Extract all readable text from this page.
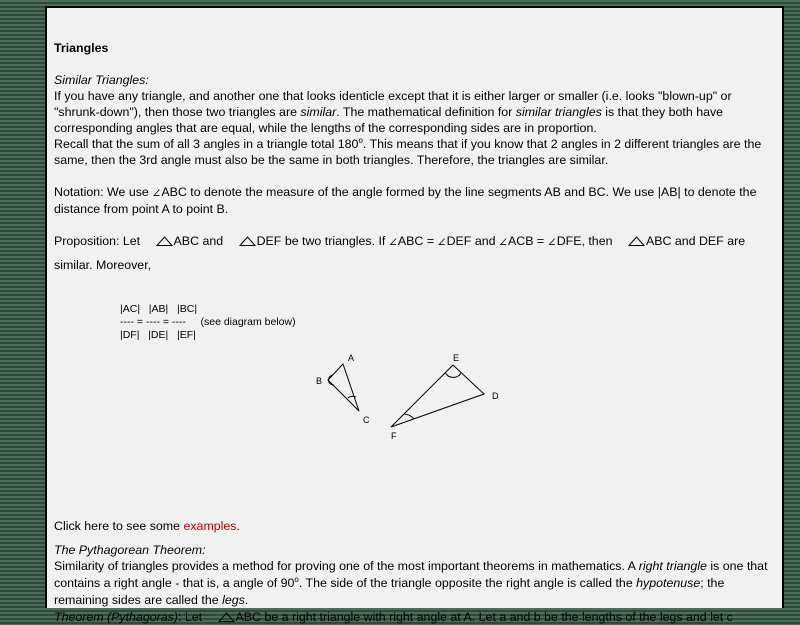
Triangles

Similar Triangles:

If you have any triangle, and another one that looks identicle except that it is either larger or smaller (i.e. looks "blown-up" or "shrunk-down"), then those two triangles are similar. The mathematical definition for similar triangles is that they both have corresponding angles that are equal, while the lengths of the corresponding sides are in proportion.

Recall that the sum of all 3 angles in a triangle total 180$^o$. This means that if you know that 2 angles in 2 different triangles are the same, then the 3rd angle must also be the same in both triangles. Therefore, the triangles are similar.

Notation: We use ∠ABC to denote the measure of the angle formed by the line segments AB and BC. We use |AB| to denote the distance from point A to point B.

Proposition: Let ABC and DEF be two triangles. If ∠ABC = ∠DEF and ∠ACB = ∠DFE, then ABC and DEF are similar. Moreover,

|AC|   |AB|   |BC|
---- = ---- = ----     (see diagram below)
|DF|   |DE|   |EF|
A
B
C
D
E
F

Click here to see some examples.

The Pythagorean Theorem:

Similarity of triangles provides a method for proving one of the most important theorems in mathematics. A right triangle is one that contains a right angle - that is, a angle of 90$^o$. The side of the triangle opposite the right angle is called the hypotenuse; the remaining sides are called the legs.

Theorem (Pythagoras): Let ABC be a right triangle with right angle at A. Let a and b be the lengths of the legs and let c
